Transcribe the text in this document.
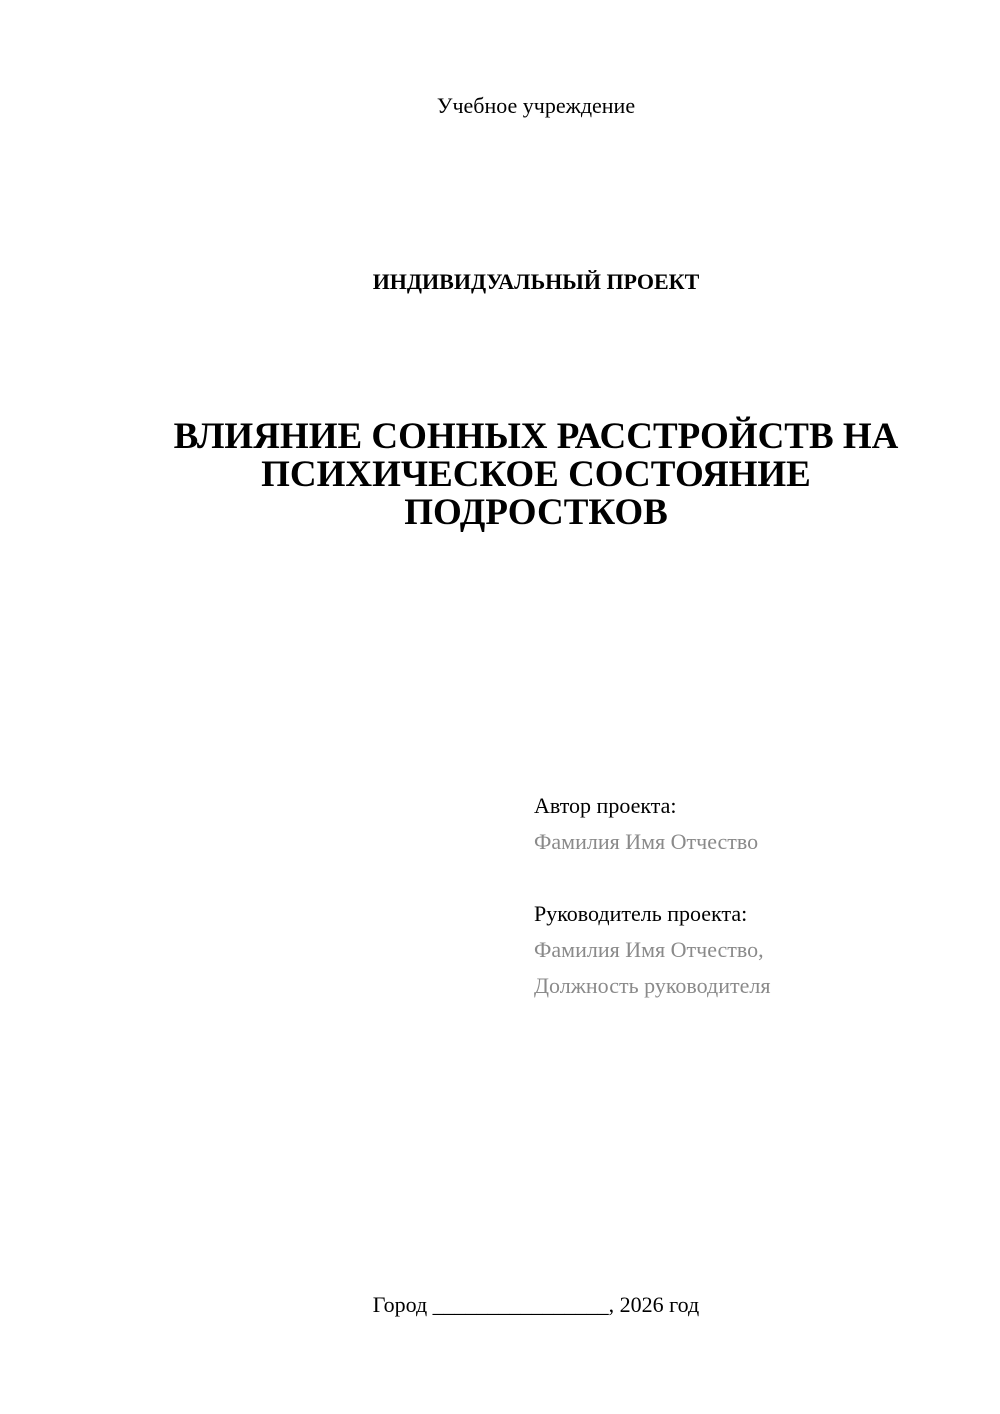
Учебное учреждение
ИНДИВИДУАЛЬНЫЙ ПРОЕКТ
ВЛИЯНИЕ СОННЫХ РАССТРОЙСТВ НА
ПСИХИЧЕСКОЕ СОСТОЯНИЕ
ПОДРОСТКОВ
Автор проекта:
Фамилия Имя Отчество
Руководитель проекта:
Фамилия Имя Отчество,
Должность руководителя
Город ________________, 2026 год
